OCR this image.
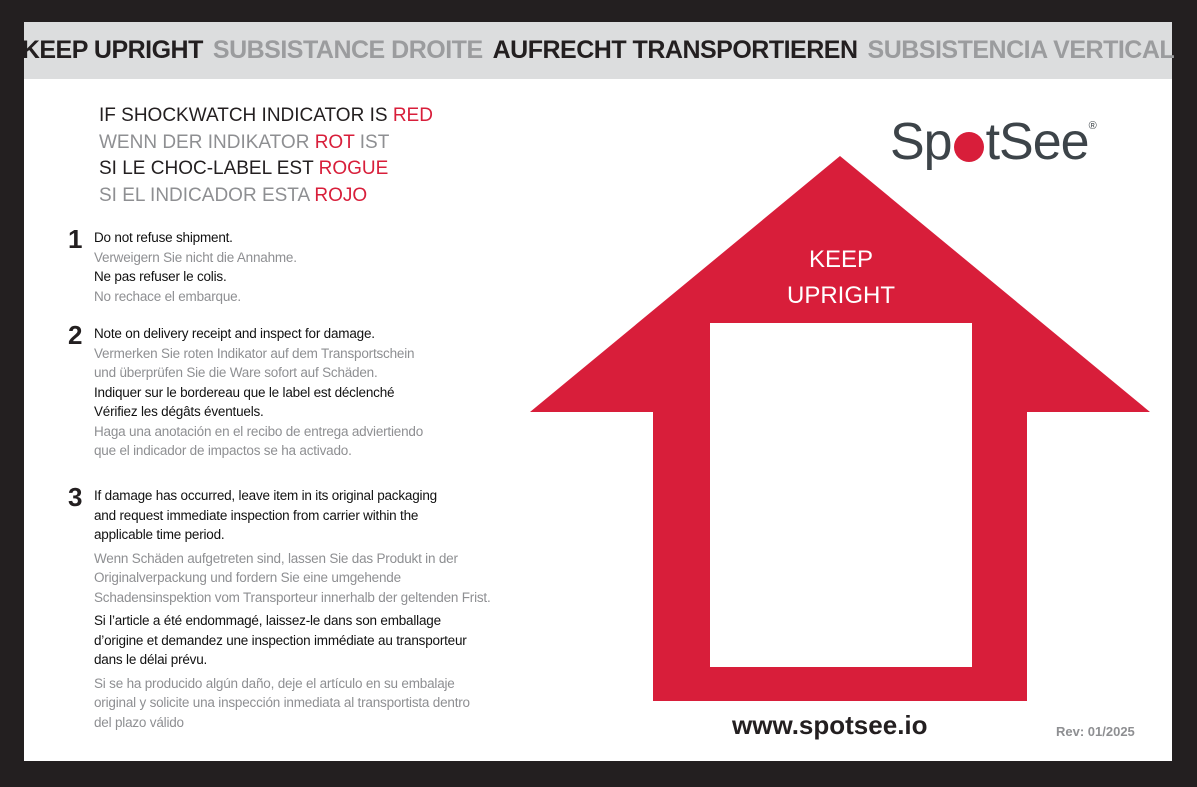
KEEP UPRIGHT SUBSISTANCE DROITE AUFRECHT TRANSPORTIEREN SUBSISTENCIA VERTICAL
IF SHOCKWATCH INDICATOR IS RED
WENN DER INDIKATOR ROT IST
SI LE CHOC-LABEL EST ROGUE
SI EL INDICADOR ESTA ROJO
1 Do not refuse shipment.
Verweigern Sie nicht die Annahme.
Ne pas refuser le colis.
No rechace el embarque.
2 Note on delivery receipt and inspect for damage.
Vermerken Sie roten Indikator auf dem Transportschein
und überprüfen Sie die Ware sofort auf Schäden.
Indiquer sur le bordereau que le label est déclenché
Vérifiez les dégâts éventuels.
Haga una anotación en el recibo de entrega adviertiendo
que el indicador de impactos se ha activado.
3 If damage has occurred, leave item in its original packaging
and request immediate inspection from carrier within the
applicable time period.
Wenn Schäden aufgetreten sind, lassen Sie das Produkt in der
Originalverpackung und fordern Sie eine umgehende
Schadensinspektion vom Transporteur innerhalb der geltenden Frist.
Si l’article a été endommagé, laissez-le dans son emballage
d’origine et demandez une inspection immédiate au transporteur
dans le délai prévu.
Si se ha producido algún daño, deje el artículo en su embalaje
original y solicite una inspección inmediata al transportista dentro
del plazo válido
Sp tSee®
KEEP
UPRIGHT
www.spotsee.io	Rev: 01/2025
